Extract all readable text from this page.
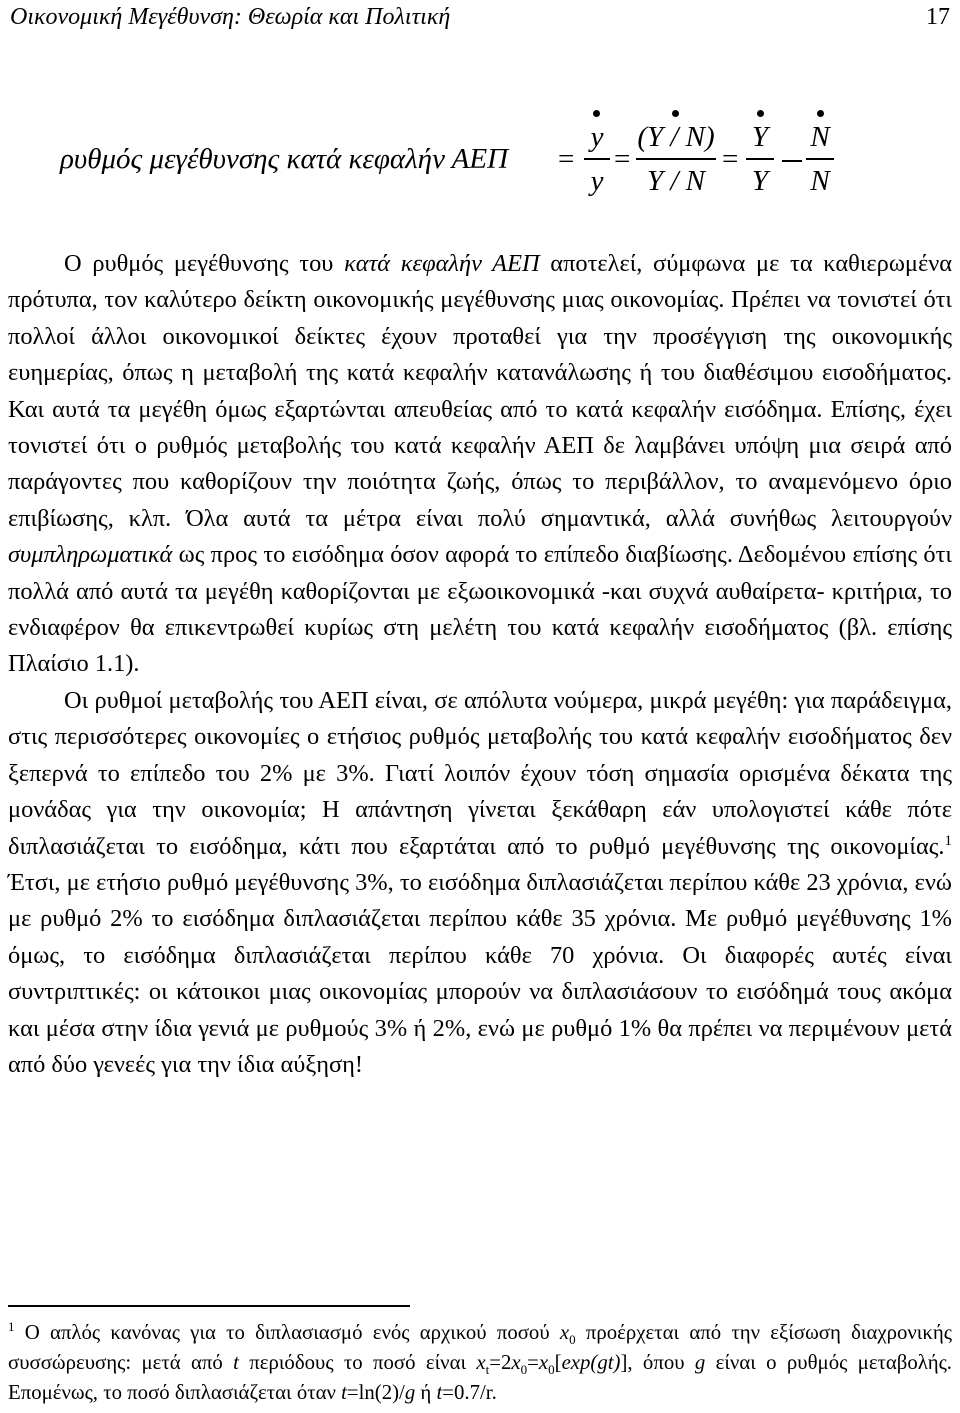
Οικονομική Μεγέθυνση: Θεωρία και Πολιτική	17
ρυθμός μεγέθυνσης κατά κεφαλήν ΑΕΠ =
y
y
=
(Y / N)
Y / N
=
Y
Y
N
N

Ο ρυθμός μεγέθυνσης του κατά κεφαλήν ΑΕΠ αποτελεί, σύμφωνα με τα καθιερωμένα πρότυπα, τον καλύτερο δείκτη οικονομικής μεγέθυνσης μιας οικονομίας. Πρέπει να τονιστεί ότι πολλοί άλλοι οικονομικοί δείκτες έχουν προταθεί για την προσέγγιση της οικονομικής ευημερίας, όπως η μεταβολή της κατά κεφαλήν κατανάλωσης ή του διαθέσιμου εισοδήματος. Και αυτά τα μεγέθη όμως εξαρτώνται απευθείας από το κατά κεφαλήν εισόδημα. Επίσης, έχει τονιστεί ότι ο ρυθμός μεταβολής του κατά κεφαλήν ΑΕΠ δε λαμβάνει υπόψη μια σειρά από παράγοντες που καθορίζουν την ποιότητα ζωής, όπως το περιβάλλον, το αναμενόμενο όριο επιβίωσης, κλπ. Όλα αυτά τα μέτρα είναι πολύ σημαντικά, αλλά συνήθως λειτουργούν συμπληρωματικά ως προς το εισόδημα όσον αφορά το επίπεδο διαβίωσης. Δεδομένου επίσης ότι πολλά από αυτά τα μεγέθη καθορίζονται με εξωοικονομικά -και συχνά αυθαίρετα- κριτήρια, το ενδιαφέρον θα επικεντρωθεί κυρίως στη μελέτη του κατά κεφαλήν εισοδήματος (βλ. επίσης Πλαίσιο 1.1).

Οι ρυθμοί μεταβολής του ΑΕΠ είναι, σε απόλυτα νούμερα, μικρά μεγέθη: για παράδειγμα, στις περισσότερες οικονομίες ο ετήσιος ρυθμός μεταβολής του κατά κεφαλήν εισοδήματος δεν ξεπερνά το επίπεδο του 2% με 3%. Γιατί λοιπόν έχουν τόση σημασία ορισμένα δέκατα της μονάδας για την οικονομία; Η απάντηση γίνεται ξεκάθαρη εάν υπολογιστεί κάθε πότε διπλασιάζεται το εισόδημα, κάτι που εξαρτάται από το ρυθμό μεγέθυνσης της οικονομίας.$^1$ Έτσι, με ετήσιο ρυθμό μεγέθυνσης 3%, το εισόδημα διπλασιάζεται περίπου κάθε 23 χρόνια, ενώ με ρυθμό 2% το εισόδημα διπλασιάζεται περίπου κάθε 35 χρόνια. Με ρυθμό μεγέθυνσης 1% όμως, το εισόδημα διπλασιάζεται περίπου κάθε 70 χρόνια. Οι διαφορές αυτές είναι συντριπτικές: οι κάτοικοι μιας οικονομίας μπορούν να διπλασιάσουν το εισόδημά τους ακόμα και μέσα στην ίδια γενιά με ρυθμούς 3% ή 2%, ενώ με ρυθμό 1% θα πρέπει να περιμένουν μετά από δύο γενεές για την ίδια αύξηση!

$^1$ Ο απλός κανόνας για το διπλασιασμό ενός αρχικού ποσού $x_0$ προέρχεται από την εξίσωση διαχρονικής συσσώρευσης: μετά από t περιόδους το ποσό είναι $x_t=2x_0=x_0[\exp(gt)]$, όπου g είναι ο ρυθμός μεταβολής. Επομένως, το ποσό διπλασιάζεται όταν t=ln(2)/g ή t=0.7/r.
